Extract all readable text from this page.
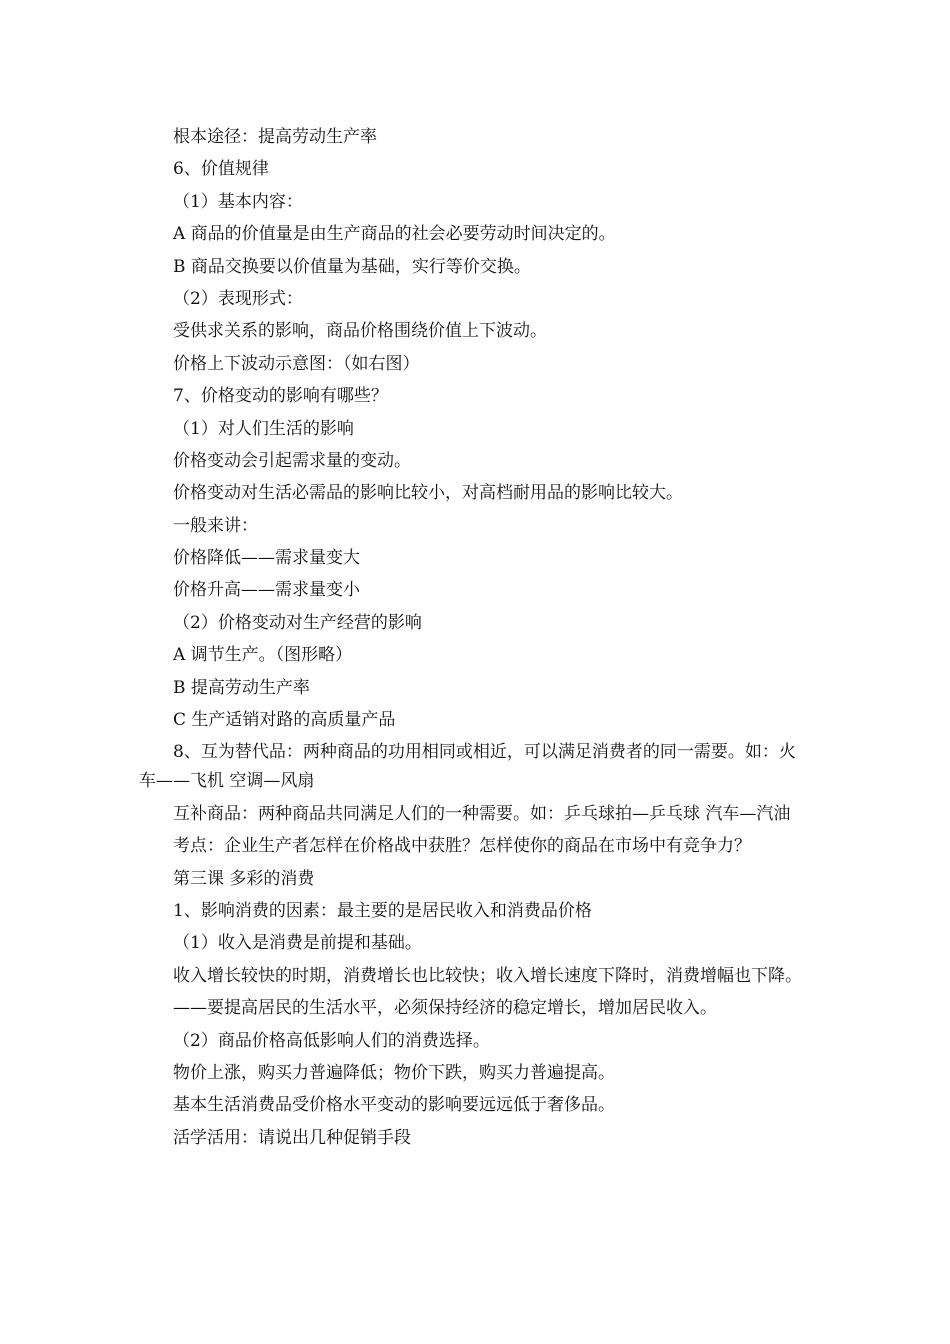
根本途径：提高劳动生产率

6、价值规律

（1）基本内容：

A 商品的价值量是由生产商品的社会必要劳动时间决定的。

B 商品交换要以价值量为基础，实行等价交换。

（2）表现形式：

受供求关系的影响，商品价格围绕价值上下波动。

价格上下波动示意图：（如右图）

7、价格变动的影响有哪些？

（1）对人们生活的影响

价格变动会引起需求量的变动。

价格变动对生活必需品的影响比较小，对高档耐用品的影响比较大。

一般来讲：

价格降低——需求量变大

价格升高——需求量变小

（2）价格变动对生产经营的影响

A 调节生产。（图形略）

B 提高劳动生产率

C 生产适销对路的高质量产品

8、互为替代品：两种商品的功用相同或相近，可以满足消费者的同一需要。如：火车——飞机 空调—风扇

互补商品：两种商品共同满足人们的一种需要。如：乒乓球拍—乒乓球 汽车—汽油

考点：企业生产者怎样在价格战中获胜？怎样使你的商品在市场中有竞争力？

第三课 多彩的消费

1、影响消费的因素：最主要的是居民收入和消费品价格

（1）收入是消费是前提和基础。

收入增长较快的时期，消费增长也比较快；收入增长速度下降时，消费增幅也下降。

——要提高居民的生活水平，必须保持经济的稳定增长，增加居民收入。

（2）商品价格高低影响人们的消费选择。

物价上涨，购买力普遍降低；物价下跌，购买力普遍提高。

基本生活消费品受价格水平变动的影响要远远低于奢侈品。

活学活用：请说出几种促销手段
